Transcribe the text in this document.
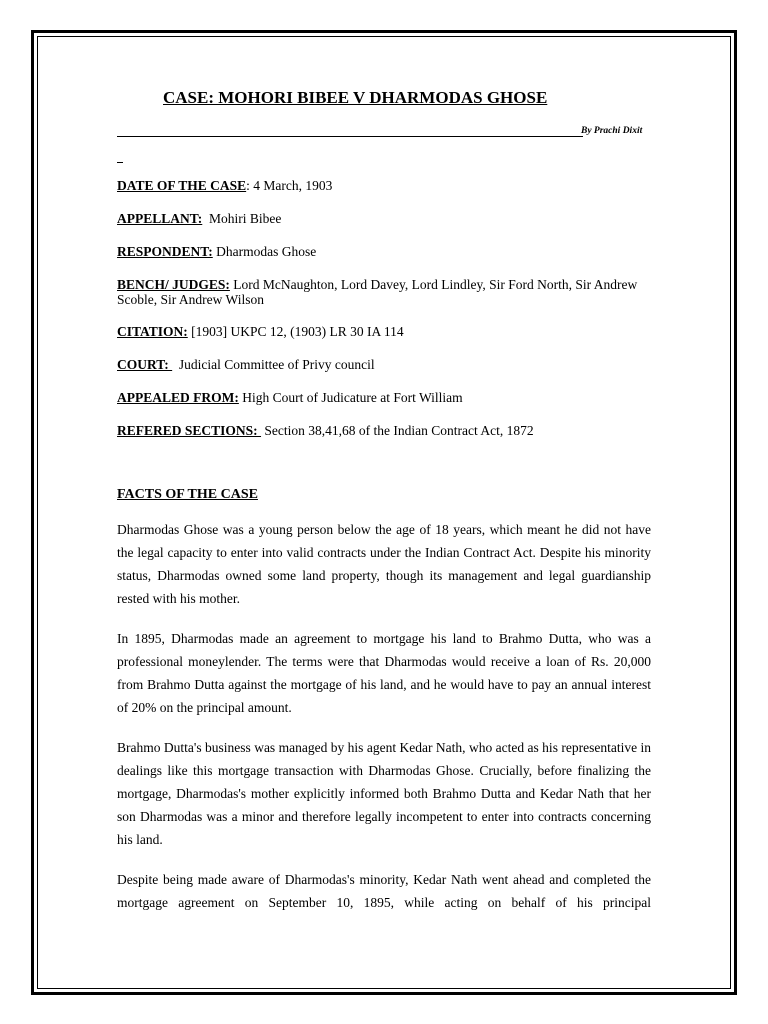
CASE: MOHORI BIBEE V DHARMODAS GHOSE
By Prachi Dixit

DATE OF THE CASE: 4 March, 1903

APPELLANT:  Mohiri Bibee

RESPONDENT: Dharmodas Ghose

BENCH/ JUDGES: Lord McNaughton, Lord Davey, Lord Lindley, Sir Ford North, Sir Andrew Scoble, Sir Andrew Wilson

CITATION: [1903] UKPC 12, (1903) LR 30 IA 114

COURT:   Judicial Committee of Privy council

APPEALED FROM: High Court of Judicature at Fort William

REFERED SECTIONS:  Section 38,41,68 of the Indian Contract Act, 1872

FACTS OF THE CASE

Dharmodas Ghose was a young person below the age of 18 years, which meant he did not have the legal capacity to enter into valid contracts under the Indian Contract Act. Despite his minority status, Dharmodas owned some land property, though its management and legal guardianship rested with his mother.

In 1895, Dharmodas made an agreement to mortgage his land to Brahmo Dutta, who was a professional moneylender. The terms were that Dharmodas would receive a loan of Rs. 20,000 from Brahmo Dutta against the mortgage of his land, and he would have to pay an annual interest of 20% on the principal amount.

Brahmo Dutta's business was managed by his agent Kedar Nath, who acted as his representative in dealings like this mortgage transaction with Dharmodas Ghose. Crucially, before finalizing the mortgage, Dharmodas's mother explicitly informed both Brahmo Dutta and Kedar Nath that her son Dharmodas was a minor and therefore legally incompetent to enter into contracts concerning his land.

Despite being made aware of Dharmodas's minority, Kedar Nath went ahead and completed the mortgage agreement on September 10, 1895, while acting on behalf of his principal
